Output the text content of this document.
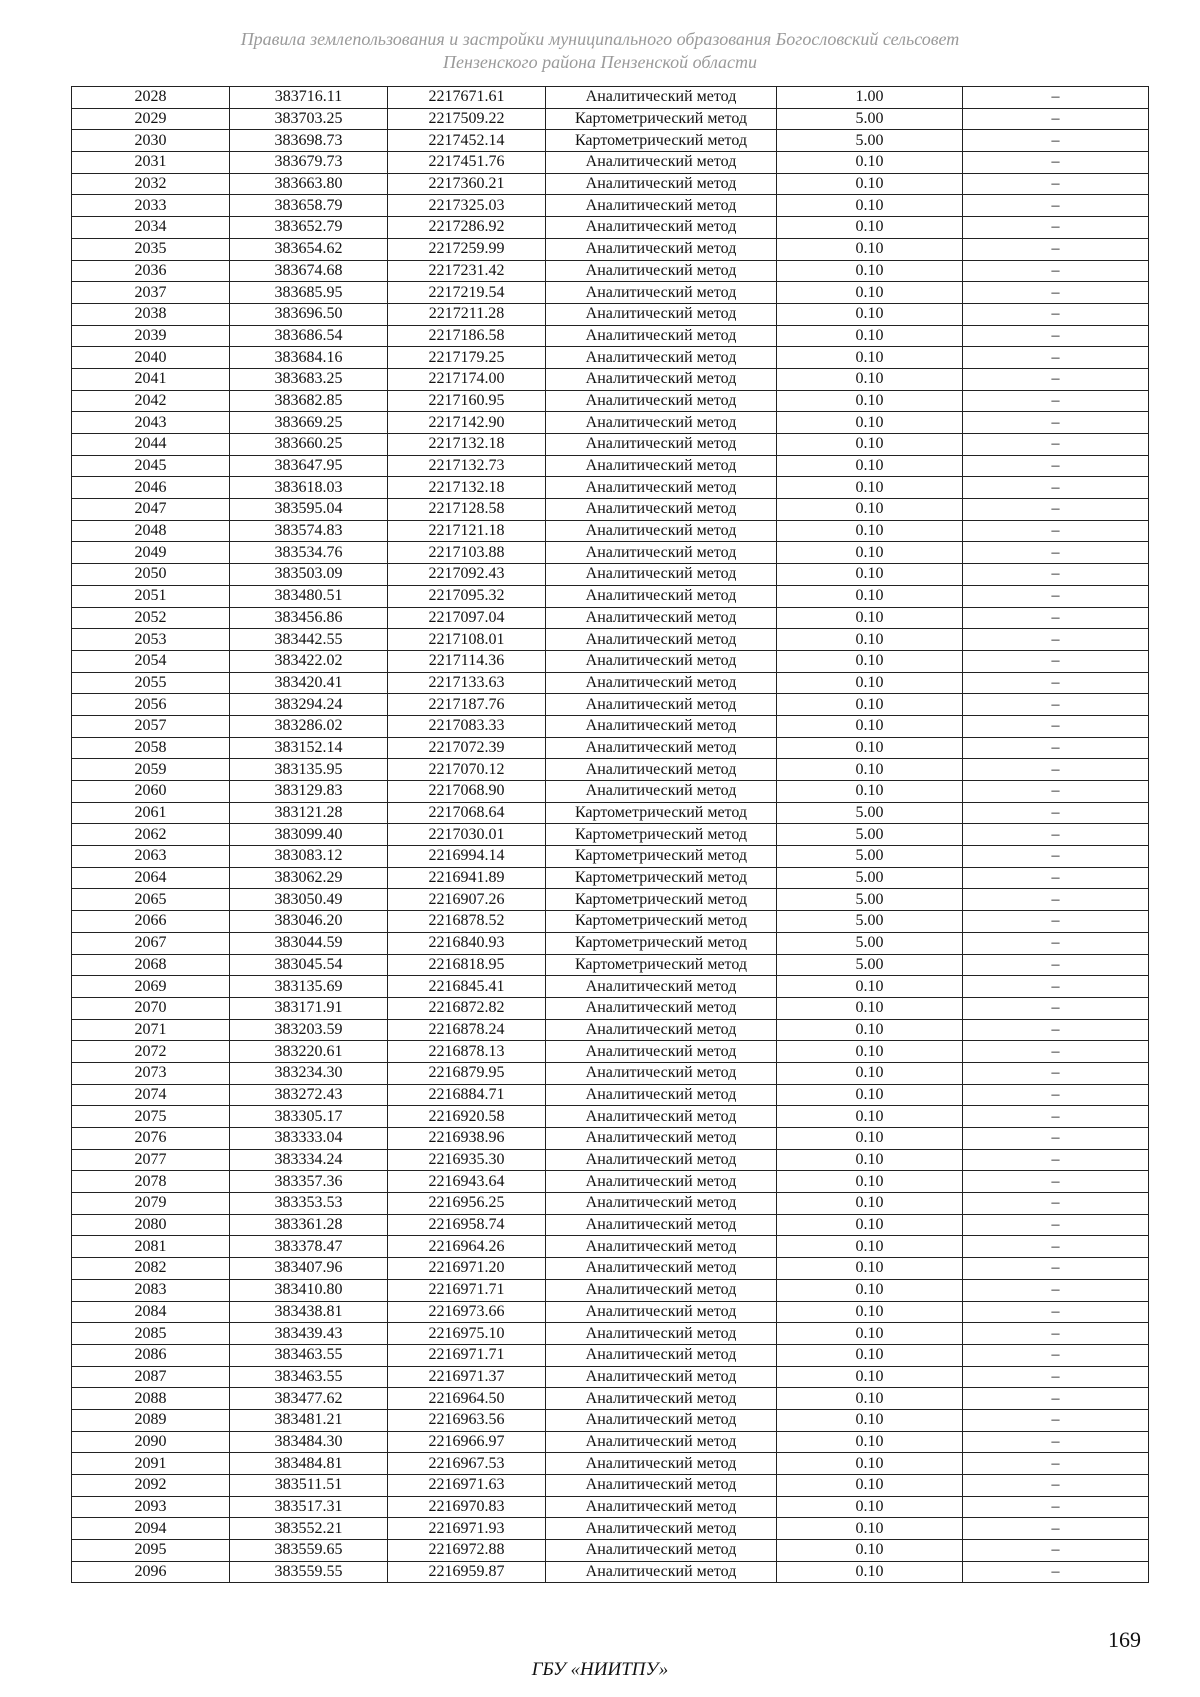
Правила землепользования и застройки муниципального образования Богословский сельсовет
Пензенского района Пензенской области
2028	383716.11	2217671.61	Аналитический метод	1.00	–
2029	383703.25	2217509.22	Картометрический метод	5.00	–
2030	383698.73	2217452.14	Картометрический метод	5.00	–
2031	383679.73	2217451.76	Аналитический метод	0.10	–
2032	383663.80	2217360.21	Аналитический метод	0.10	–
2033	383658.79	2217325.03	Аналитический метод	0.10	–
2034	383652.79	2217286.92	Аналитический метод	0.10	–
2035	383654.62	2217259.99	Аналитический метод	0.10	–
2036	383674.68	2217231.42	Аналитический метод	0.10	–
2037	383685.95	2217219.54	Аналитический метод	0.10	–
2038	383696.50	2217211.28	Аналитический метод	0.10	–
2039	383686.54	2217186.58	Аналитический метод	0.10	–
2040	383684.16	2217179.25	Аналитический метод	0.10	–
2041	383683.25	2217174.00	Аналитический метод	0.10	–
2042	383682.85	2217160.95	Аналитический метод	0.10	–
2043	383669.25	2217142.90	Аналитический метод	0.10	–
2044	383660.25	2217132.18	Аналитический метод	0.10	–
2045	383647.95	2217132.73	Аналитический метод	0.10	–
2046	383618.03	2217132.18	Аналитический метод	0.10	–
2047	383595.04	2217128.58	Аналитический метод	0.10	–
2048	383574.83	2217121.18	Аналитический метод	0.10	–
2049	383534.76	2217103.88	Аналитический метод	0.10	–
2050	383503.09	2217092.43	Аналитический метод	0.10	–
2051	383480.51	2217095.32	Аналитический метод	0.10	–
2052	383456.86	2217097.04	Аналитический метод	0.10	–
2053	383442.55	2217108.01	Аналитический метод	0.10	–
2054	383422.02	2217114.36	Аналитический метод	0.10	–
2055	383420.41	2217133.63	Аналитический метод	0.10	–
2056	383294.24	2217187.76	Аналитический метод	0.10	–
2057	383286.02	2217083.33	Аналитический метод	0.10	–
2058	383152.14	2217072.39	Аналитический метод	0.10	–
2059	383135.95	2217070.12	Аналитический метод	0.10	–
2060	383129.83	2217068.90	Аналитический метод	0.10	–
2061	383121.28	2217068.64	Картометрический метод	5.00	–
2062	383099.40	2217030.01	Картометрический метод	5.00	–
2063	383083.12	2216994.14	Картометрический метод	5.00	–
2064	383062.29	2216941.89	Картометрический метод	5.00	–
2065	383050.49	2216907.26	Картометрический метод	5.00	–
2066	383046.20	2216878.52	Картометрический метод	5.00	–
2067	383044.59	2216840.93	Картометрический метод	5.00	–
2068	383045.54	2216818.95	Картометрический метод	5.00	–
2069	383135.69	2216845.41	Аналитический метод	0.10	–
2070	383171.91	2216872.82	Аналитический метод	0.10	–
2071	383203.59	2216878.24	Аналитический метод	0.10	–
2072	383220.61	2216878.13	Аналитический метод	0.10	–
2073	383234.30	2216879.95	Аналитический метод	0.10	–
2074	383272.43	2216884.71	Аналитический метод	0.10	–
2075	383305.17	2216920.58	Аналитический метод	0.10	–
2076	383333.04	2216938.96	Аналитический метод	0.10	–
2077	383334.24	2216935.30	Аналитический метод	0.10	–
2078	383357.36	2216943.64	Аналитический метод	0.10	–
2079	383353.53	2216956.25	Аналитический метод	0.10	–
2080	383361.28	2216958.74	Аналитический метод	0.10	–
2081	383378.47	2216964.26	Аналитический метод	0.10	–
2082	383407.96	2216971.20	Аналитический метод	0.10	–
2083	383410.80	2216971.71	Аналитический метод	0.10	–
2084	383438.81	2216973.66	Аналитический метод	0.10	–
2085	383439.43	2216975.10	Аналитический метод	0.10	–
2086	383463.55	2216971.71	Аналитический метод	0.10	–
2087	383463.55	2216971.37	Аналитический метод	0.10	–
2088	383477.62	2216964.50	Аналитический метод	0.10	–
2089	383481.21	2216963.56	Аналитический метод	0.10	–
2090	383484.30	2216966.97	Аналитический метод	0.10	–
2091	383484.81	2216967.53	Аналитический метод	0.10	–
2092	383511.51	2216971.63	Аналитический метод	0.10	–
2093	383517.31	2216970.83	Аналитический метод	0.10	–
2094	383552.21	2216971.93	Аналитический метод	0.10	–
2095	383559.65	2216972.88	Аналитический метод	0.10	–
2096	383559.55	2216959.87	Аналитический метод	0.10	–
169
ГБУ «НИИТПУ»
